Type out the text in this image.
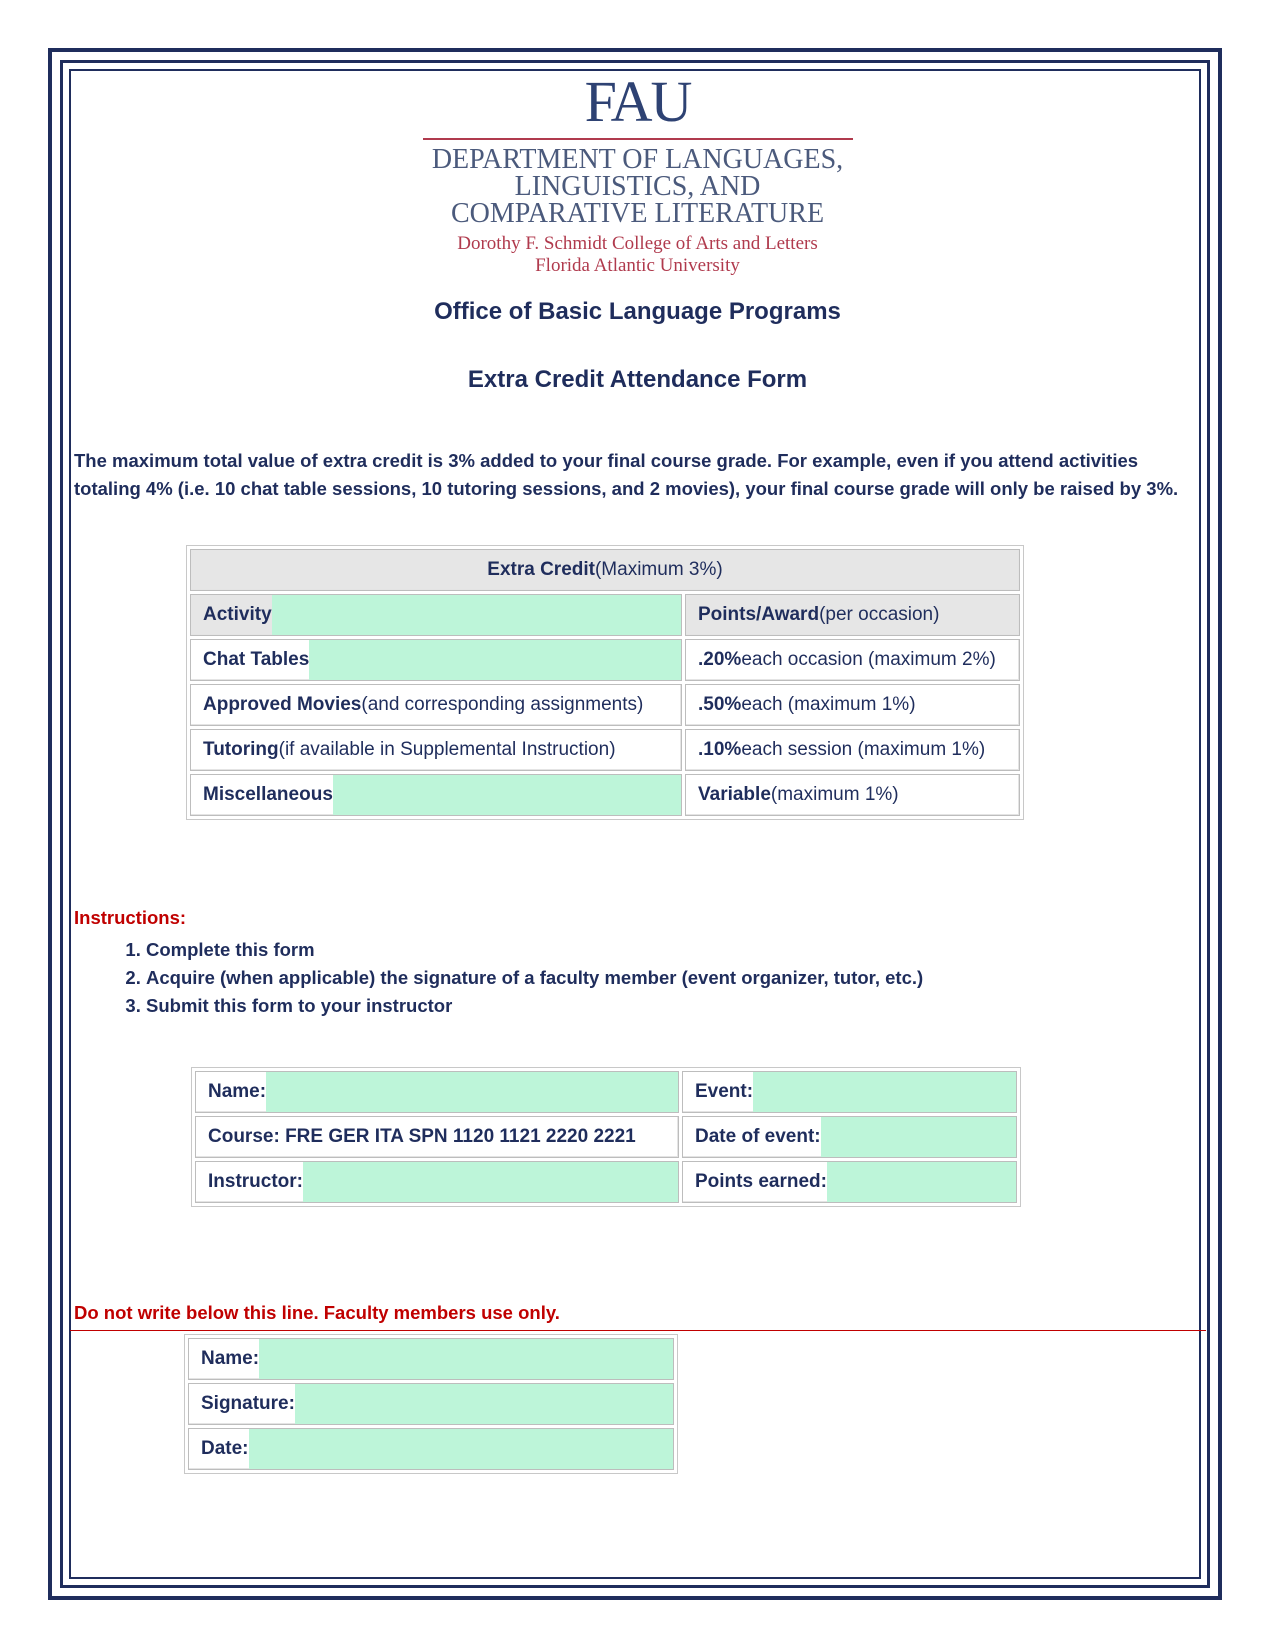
FAU
DEPARTMENT OF LANGUAGES,
LINGUISTICS, AND
COMPARATIVE LITERATURE
Dorothy F. Schmidt College of Arts and Letters
Florida Atlantic University
Office of Basic Language Programs
Extra Credit Attendance Form
The maximum total value of extra credit is 3% added to your final course grade. For example, even if you attend activities totaling 4% (i.e. 10 chat table sessions, 10 tutoring sessions, and 2 movies), your final course grade will only be raised by 3%.
Extra Credit (Maximum 3%)	

Activity	Points/Award (per occasion)

Chat Tables	.20% each occasion (maximum 2%)

Approved Movies (and corresponding assignments)	.50% each (maximum 1%)

Tutoring (if available in Supplemental Instruction)	.10% each session (maximum 1%)

Miscellaneous	Variable (maximum 1%)
Instructions:
1. Complete this form
2. Acquire (when applicable) the signature of a faculty member (event organizer, tutor, etc.)
3. Submit this form to your instructor
Name:	Event:

Course: FRE GER ITA SPN 1120 1121 2220 2221	Date of event:

Instructor:	Points earned:
Do not write below this line. Faculty members use only.
Name:

Signature:

Date:
